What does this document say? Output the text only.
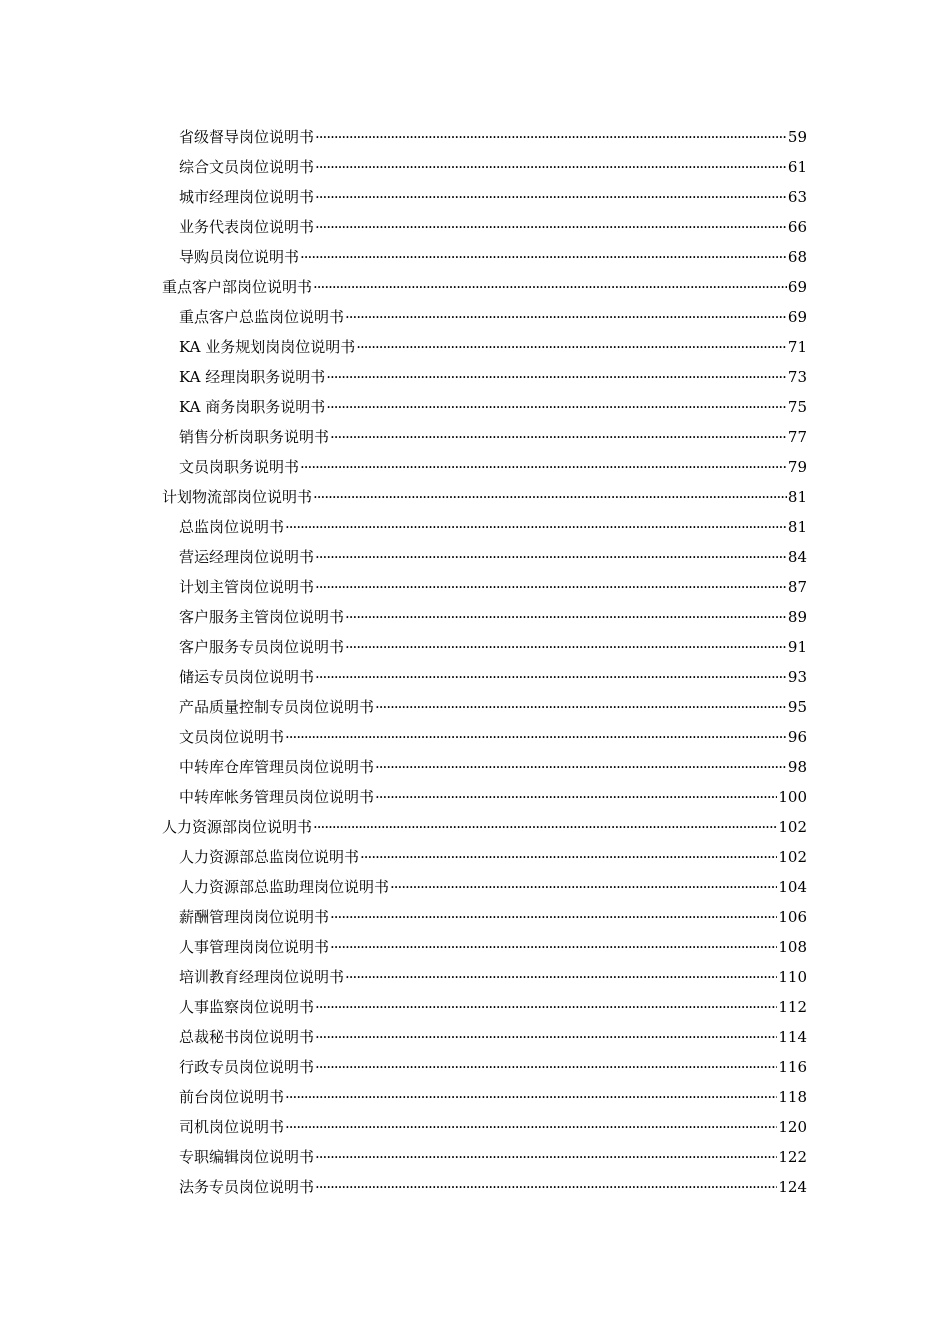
省级督导岗位说明书 ·····	59
综合文员岗位说明书 ·····	61
城市经理岗位说明书 ·····	63
业务代表岗位说明书 ·····	66
导购员岗位说明书 ·····	68
重点客户部岗位说明书 ·····	69
重点客户总监岗位说明书 ·····	69
KA 业务规划岗岗位说明书 ·····	71
KA 经理岗职务说明书 ·····	73
KA 商务岗职务说明书 ·····	75
销售分析岗职务说明书 ·····	77
文员岗职务说明书 ·····	79
计划物流部岗位说明书 ·····	81
总监岗位说明书 ·····	81
营运经理岗位说明书 ·····	84
计划主管岗位说明书 ·····	87
客户服务主管岗位说明书 ·····	89
客户服务专员岗位说明书 ·····	91
储运专员岗位说明书 ·····	93
产品质量控制专员岗位说明书 ·····	95
文员岗位说明书 ·····	96
中转库仓库管理员岗位说明书 ·····	98
中转库帐务管理员岗位说明书 ·····	100
人力资源部岗位说明书 ·····	102
人力资源部总监岗位说明书 ·····	102
人力资源部总监助理岗位说明书 ·····	104
薪酬管理岗岗位说明书 ·····	106
人事管理岗岗位说明书 ·····	108
培训教育经理岗位说明书 ·····	110
人事监察岗位说明书 ·····	112
总裁秘书岗位说明书 ·····	114
行政专员岗位说明书 ·····	116
前台岗位说明书 ·····	118
司机岗位说明书 ·····	120
专职编辑岗位说明书 ·····	122
法务专员岗位说明书 ·····	124
